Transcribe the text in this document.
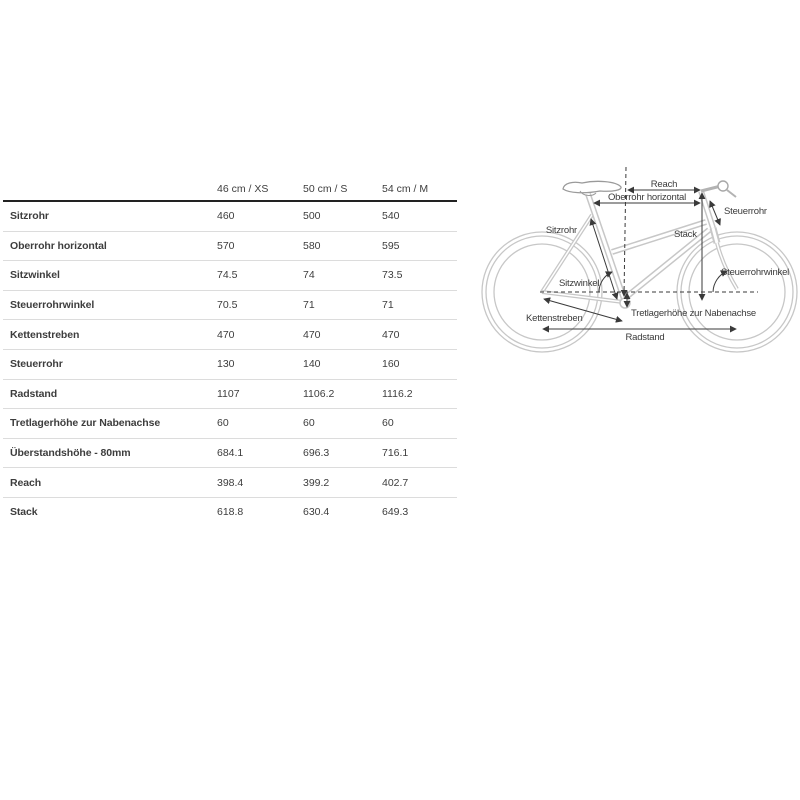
46 cm / XS	50 cm / S	54 cm / M
Sitzrohr	460	500	540
Oberrohr horizontal	570	580	595
Sitzwinkel	74.5	74	73.5
Steuerrohrwinkel	70.5	71	71
Kettenstreben	470	470	470
Steuerrohr	130	140	160
Radstand	1107	1106.2	1116.2
Tretlagerhöhe zur Nabenachse	60	60	60
Überstandshöhe - 80mm	684.1	696.3	716.1
Reach	398.4	399.2	402.7
Stack	618.8	630.4	649.3
Reach
Oberrohr horizontal
Steuerrohr
Stack
Sitzrohr
Steuerrohrwinkel
Sitzwinkel
Kettenstreben	Tretlagerhöhe zur Nabenachse
Radstand
